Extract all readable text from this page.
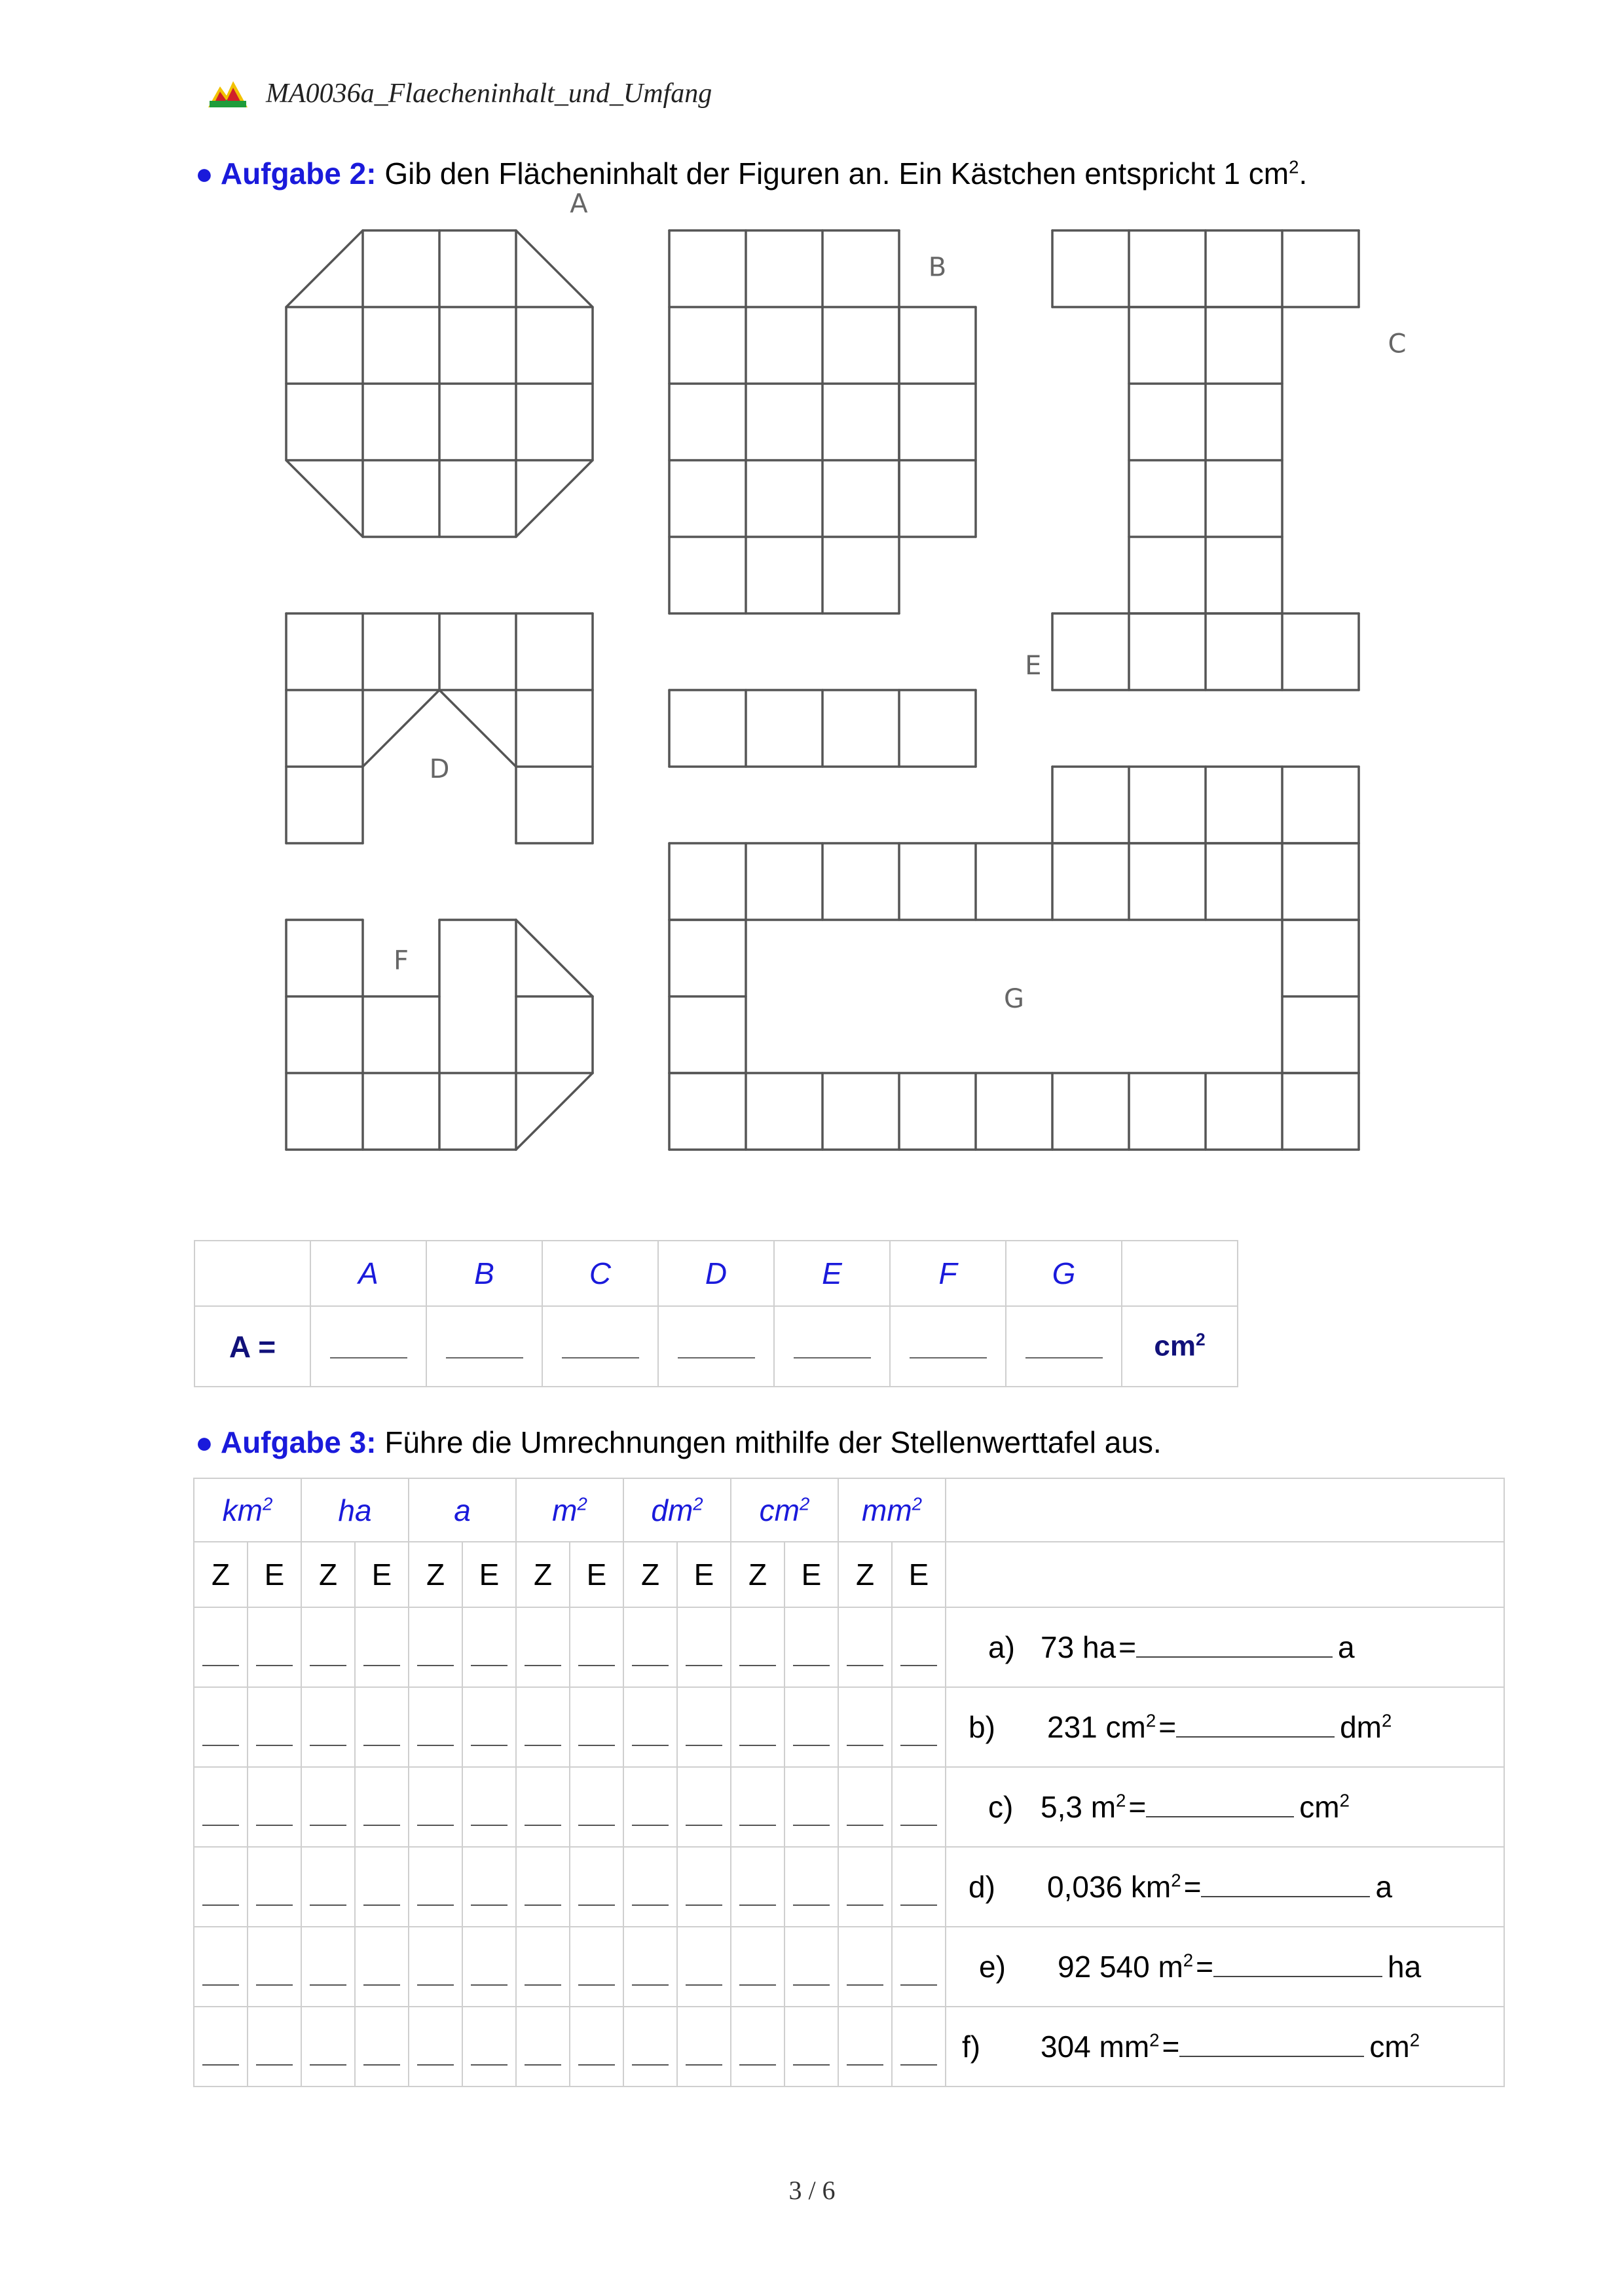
MA0036a_Flaecheninhalt_und_Umfang
● Aufgabe 2: Gib den Flächeninhalt der Figuren an. Ein Kästchen entspricht 1 $cm^2$.
A
B
C
D
E
F
G
	A	B	C	D	E	F	G	
A =								$cm^2$
● Aufgabe 3: Führe die Umrechnungen mithilfe der Stellenwerttafel aus.
$km^2$		ha		a		$m^2$		$dm^2$		$cm^2$		$mm^2$	
Z	E	Z	E	Z	E	Z	E	Z	E	Z	E	Z	E	
														a) 73 ha= a
														b) 231 $cm^2= dm^2$
														c) 5,3 $m^2= cm^2$
														d) 0,036 $km^2= a$
														e) 92 540 $m^2=$ ha
														f) 304 $mm^2= cm^2$
3 / 6
